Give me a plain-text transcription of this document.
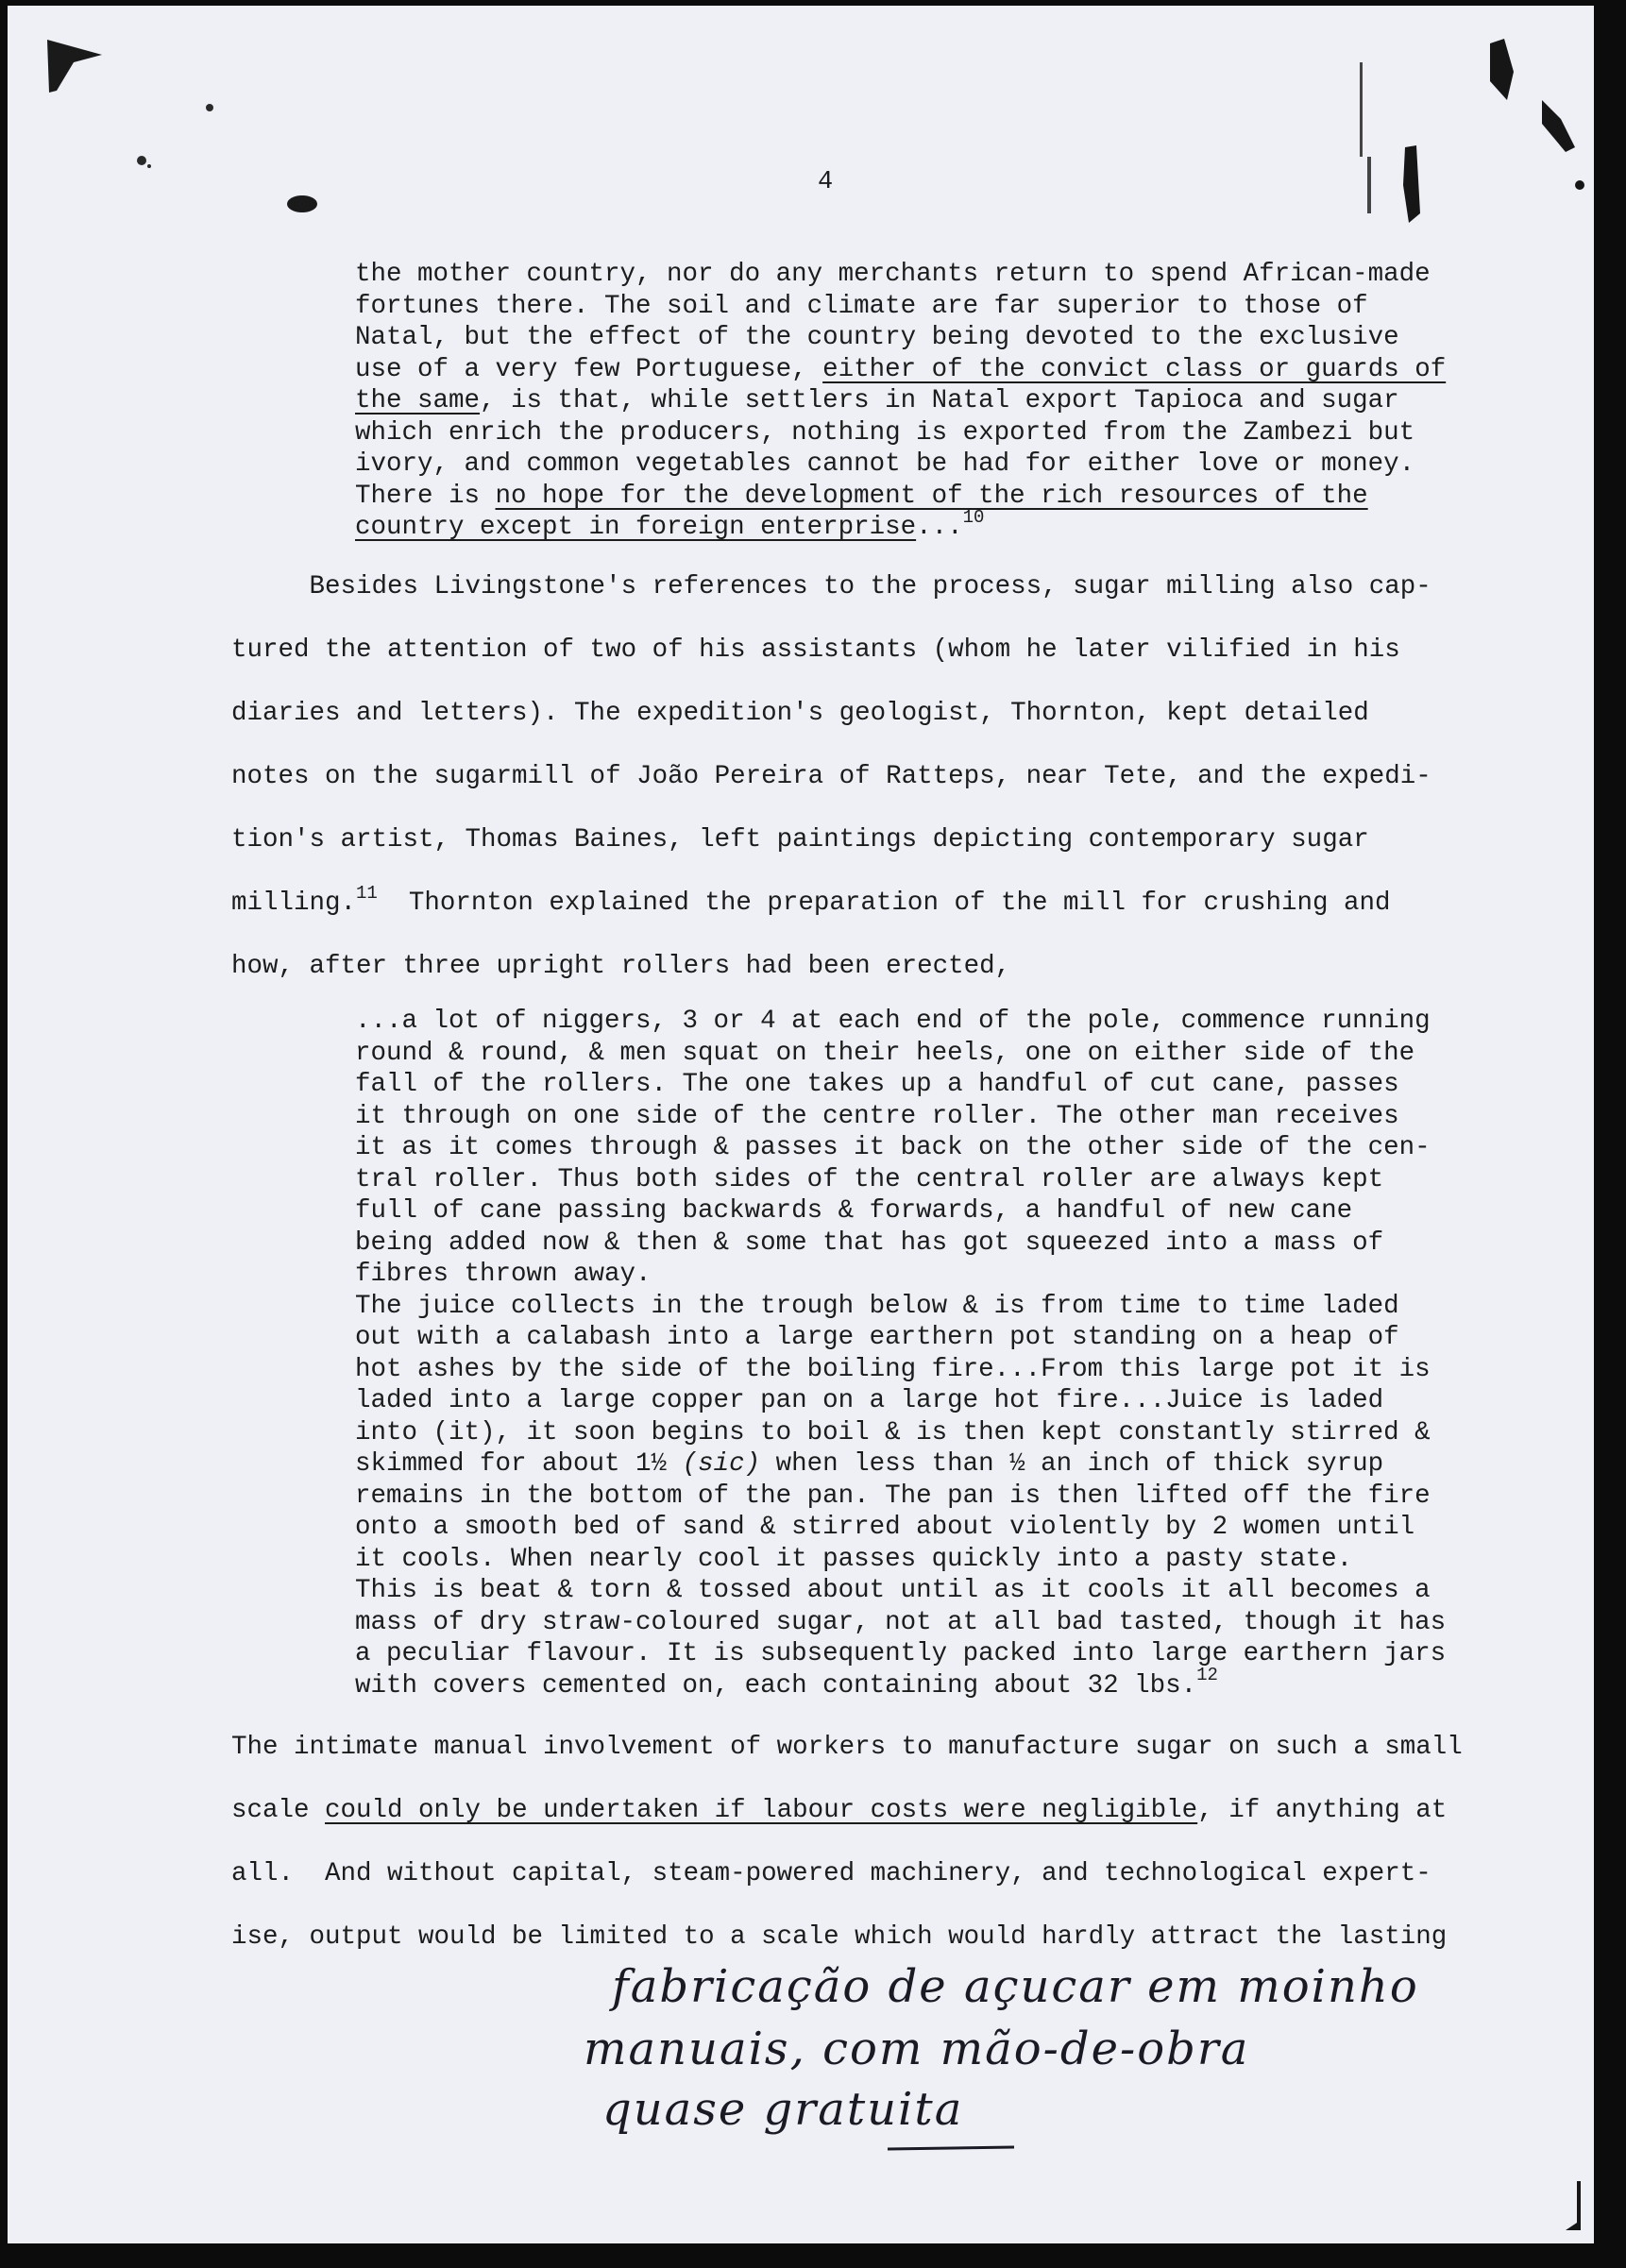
4

the mother country, nor do any merchants return to spend African-made

fortunes there. The soil and climate are far superior to those of

Natal, but the effect of the country being devoted to the exclusive

use of a very few Portuguese, either of the convict class or guards of

the same, is that, while settlers in Natal export Tapioca and sugar

which enrich the producers, nothing is exported from the Zambezi but

ivory, and common vegetables cannot be had for either love or money.

There is no hope for the development of the rich resources of the

country except in foreign enterprise...$^{10}$

Besides Livingstone's references to the process, sugar milling also cap-

tured the attention of two of his assistants (whom he later vilified in his

diaries and letters). The expedition's geologist, Thornton, kept detailed

notes on the sugarmill of João Pereira of Ratteps, near Tete, and the expedi-

tion's artist, Thomas Baines, left paintings depicting contemporary sugar

milling.$^{11}$  Thornton explained the preparation of the mill for crushing and

how, after three upright rollers had been erected,

...a lot of niggers, 3 or 4 at each end of the pole, commence running

round & round, & men squat on their heels, one on either side of the

fall of the rollers. The one takes up a handful of cut cane, passes

it through on one side of the centre roller. The other man receives

it as it comes through & passes it back on the other side of the cen-

tral roller. Thus both sides of the central roller are always kept

full of cane passing backwards & forwards, a handful of new cane

being added now & then & some that has got squeezed into a mass of

fibres thrown away.

The juice collects in the trough below & is from time to time laded

out with a calabash into a large earthern pot standing on a heap of

hot ashes by the side of the boiling fire...From this large pot it is

laded into a large copper pan on a large hot fire...Juice is laded

into (it), it soon begins to boil & is then kept constantly stirred &

skimmed for about 1½ (sic) when less than ½ an inch of thick syrup

remains in the bottom of the pan. The pan is then lifted off the fire

onto a smooth bed of sand & stirred about violently by 2 women until

it cools. When nearly cool it passes quickly into a pasty state.

This is beat & torn & tossed about until as it cools it all becomes a

mass of dry straw-coloured sugar, not at all bad tasted, though it has

a peculiar flavour. It is subsequently packed into large earthern jars

with covers cemented on, each containing about 32 lbs.$^{12}$

The intimate manual involvement of workers to manufacture sugar on such a small

scale could only be undertaken if labour costs were negligible, if anything at

all.  And without capital, steam-powered machinery, and technological expert-

ise, output would be limited to a scale which would hardly attract the lasting

fabricação de açucar em moinho

manuais, com mão-de-obra

quase gratuita
